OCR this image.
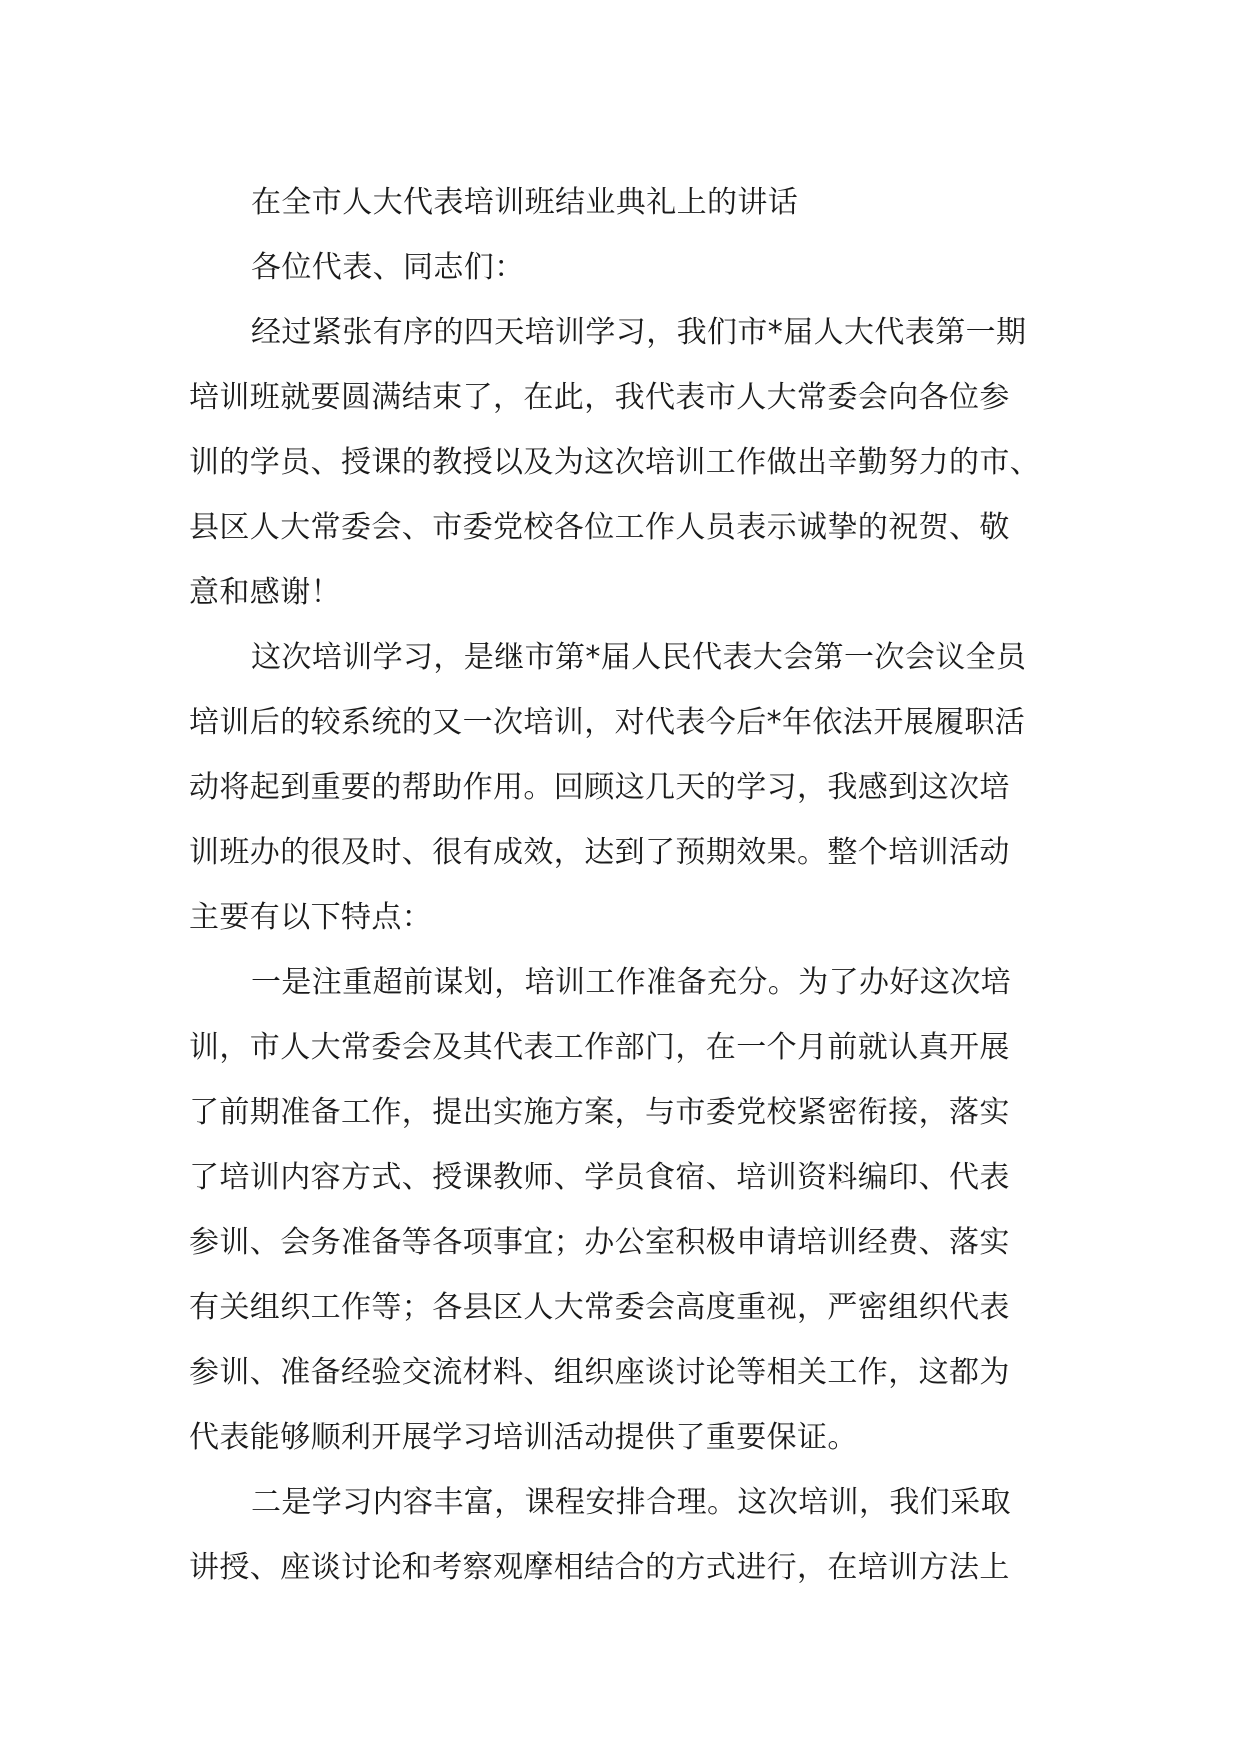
在全市人大代表培训班结业典礼上的讲话
各位代表、同志们：
经过紧张有序的四天培训学习，我们市*届人大代表第一期
培训班就要圆满结束了，在此，我代表市人大常委会向各位参
训的学员、授课的教授以及为这次培训工作做出辛勤努力的市、
县区人大常委会、市委党校各位工作人员表示诚挚的祝贺、敬
意和感谢！
这次培训学习，是继市第*届人民代表大会第一次会议全员
培训后的较系统的又一次培训，对代表今后*年依法开展履职活
动将起到重要的帮助作用。回顾这几天的学习，我感到这次培
训班办的很及时、很有成效，达到了预期效果。整个培训活动
主要有以下特点：
一是注重超前谋划，培训工作准备充分。为了办好这次培
训，市人大常委会及其代表工作部门，在一个月前就认真开展
了前期准备工作，提出实施方案，与市委党校紧密衔接，落实
了培训内容方式、授课教师、学员食宿、培训资料编印、代表
参训、会务准备等各项事宜；办公室积极申请培训经费、落实
有关组织工作等；各县区人大常委会高度重视，严密组织代表
参训、准备经验交流材料、组织座谈讨论等相关工作，这都为
代表能够顺利开展学习培训活动提供了重要保证。
二是学习内容丰富，课程安排合理。这次培训，我们采取
讲授、座谈讨论和考察观摩相结合的方式进行，在培训方法上
